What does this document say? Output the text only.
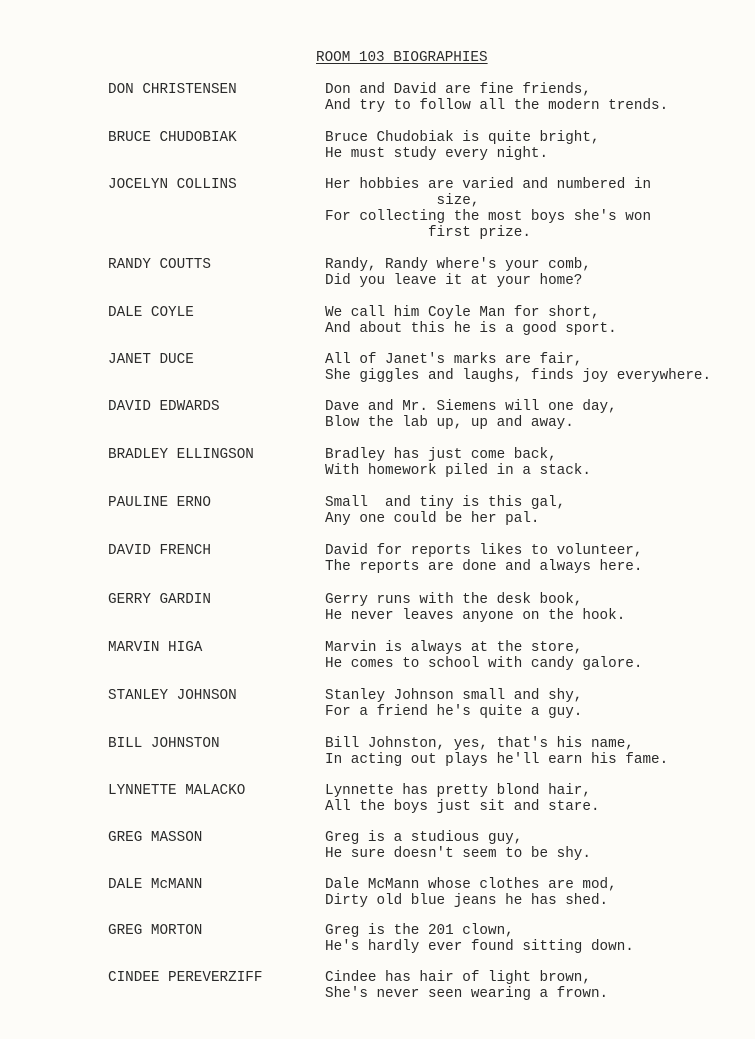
ROOM 103 BIOGRAPHIES
DON CHRISTENSEN	Don and David are fine friends,
And try to follow all the modern trends.
BRUCE CHUDOBIAK	Bruce Chudobiak is quite bright,
He must study every night.
JOCELYN COLLINS	Her hobbies are varied and numbered in
size,
For collecting the most boys she's won
first prize.
RANDY COUTTS	Randy, Randy where's your comb,
Did you leave it at your home?
DALE COYLE	We call him Coyle Man for short,
And about this he is a good sport.
JANET DUCE	All of Janet's marks are fair,
She giggles and laughs, finds joy everywhere.
DAVID EDWARDS	Dave and Mr. Siemens will one day,
Blow the lab up, up and away.
BRADLEY ELLINGSON	Bradley has just come back,
With homework piled in a stack.
PAULINE ERNO	Small  and tiny is this gal,
Any one could be her pal.
DAVID FRENCH	David for reports likes to volunteer,
The reports are done and always here.
GERRY GARDIN	Gerry runs with the desk book,
He never leaves anyone on the hook.
MARVIN HIGA	Marvin is always at the store,
He comes to school with candy galore.
STANLEY JOHNSON	Stanley Johnson small and shy,
For a friend he's quite a guy.
BILL JOHNSTON	Bill Johnston, yes, that's his name,
In acting out plays he'll earn his fame.
LYNNETTE MALACKO	Lynnette has pretty blond hair,
All the boys just sit and stare.
GREG MASSON	Greg is a studious guy,
He sure doesn't seem to be shy.
DALE McMANN	Dale McMann whose clothes are mod,
Dirty old blue jeans he has shed.
GREG MORTON	Greg is the 201 clown,
He's hardly ever found sitting down.
CINDEE PEREVERZIFF	Cindee has hair of light brown,
She's never seen wearing a frown.
